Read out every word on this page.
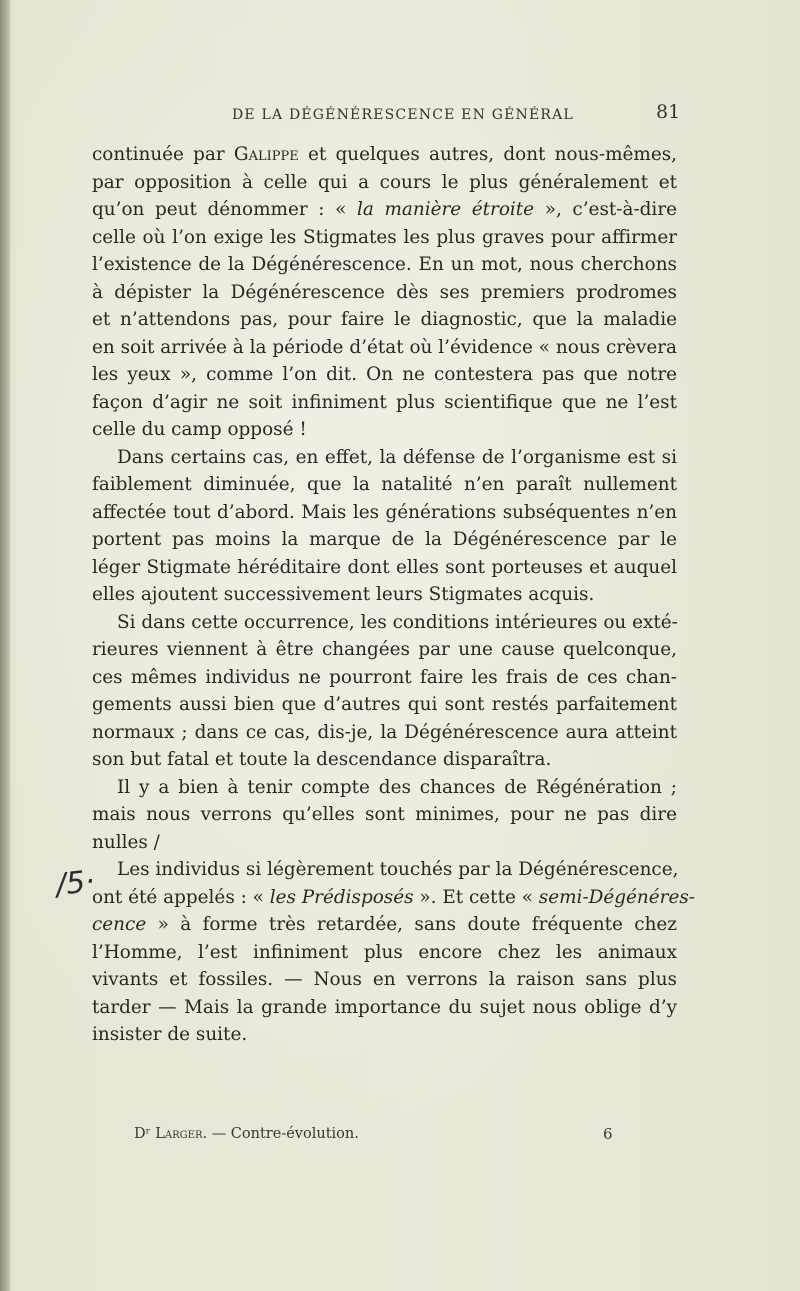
DE LA DÉGÉNÉRESCENCE EN GÉNÉRAL	81
continuée par Galippe et quelques autres, dont nous-mêmes,
par opposition à celle qui a cours le plus généralement et
qu’on peut dénommer : « la manière étroite », c’est-à-dire
celle où l’on exige les Stigmates les plus graves pour affirmer
l’existence de la Dégénérescence. En un mot, nous cherchons
à dépister la Dégénérescence dès ses premiers prodromes
et n’attendons pas, pour faire le diagnostic, que la maladie
en soit arrivée à la période d’état où l’évidence « nous crèvera
les yeux », comme l’on dit. On ne contestera pas que notre
façon d’agir ne soit infiniment plus scientifique que ne l’est
celle du camp opposé !
Dans certains cas, en effet, la défense de l’organisme est si
faiblement diminuée, que la natalité n’en paraît nullement
affectée tout d’abord. Mais les générations subséquentes n’en
portent pas moins la marque de la Dégénérescence par le
léger Stigmate héréditaire dont elles sont porteuses et auquel
elles ajoutent successivement leurs Stigmates acquis.
Si dans cette occurrence, les conditions intérieures ou exté-
rieures viennent à être changées par une cause quelconque,
ces mêmes individus ne pourront faire les frais de ces chan-
gements aussi bien que d’autres qui sont restés parfaitement
normaux ; dans ce cas, dis-je, la Dégénérescence aura atteint
son but fatal et toute la descendance disparaîtra.
Il y a bien à tenir compte des chances de Régénération ;
mais nous verrons qu’elles sont minimes, pour ne pas dire
nulles /
Les individus si légèrement touchés par la Dégénérescence,
ont été appelés : « les Prédisposés ». Et cette « semi-Dégénéres-
cence » à forme très retardée, sans doute fréquente chez
l’Homme, l’est infiniment plus encore chez les animaux
vivants et fossiles. — Nous en verrons la raison sans plus
tarder — Mais la grande importance du sujet nous oblige d’y
insister de suite.
/5·
Dʳ Larger. — Contre-évolution.	6
